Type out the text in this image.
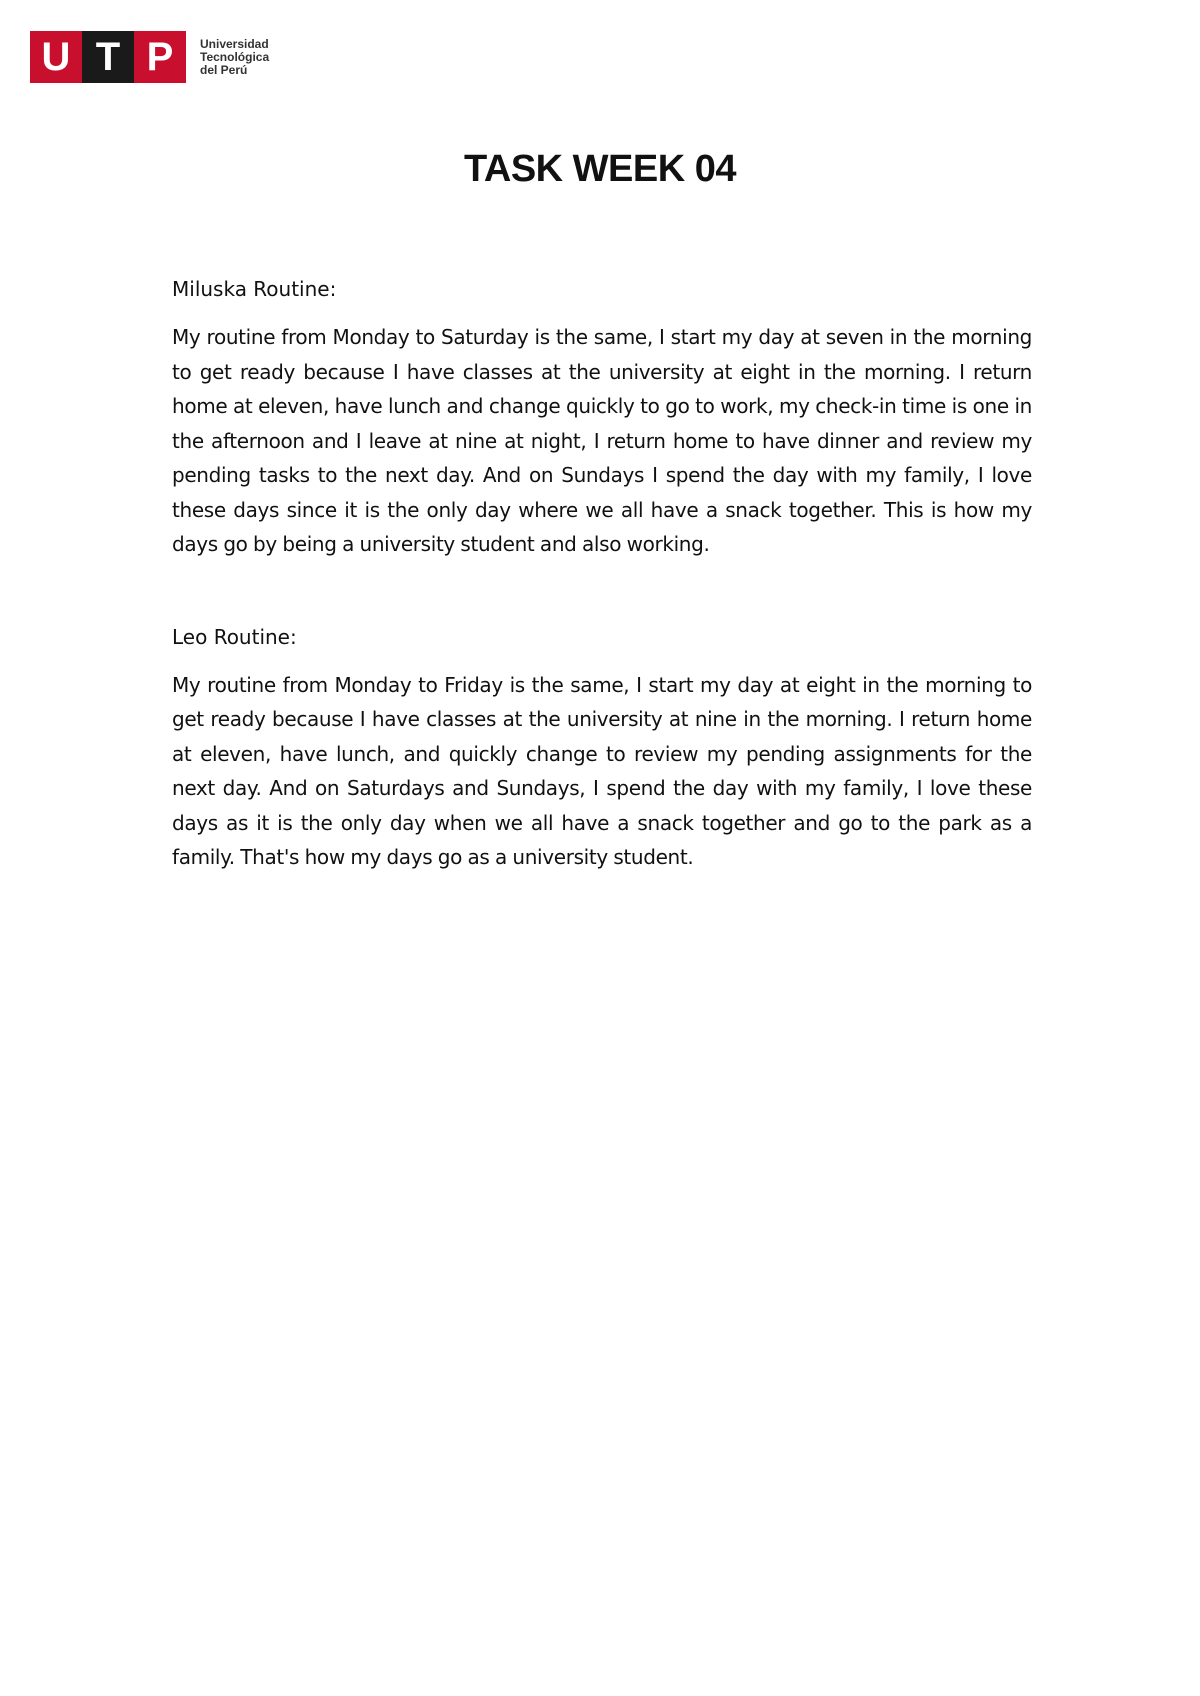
U T P	Universidad
Tecnológica
del Perú
TASK WEEK 04

Miluska Routine:

My routine from Monday to Saturday is the same, I start my day at seven in the morning to get ready because I have classes at the university at eight in the morning. I return home at eleven, have lunch and change quickly to go to work, my check-in time is one in the afternoon and I leave at nine at night, I return home to have dinner and review my pending tasks to the next day. And on Sundays I spend the day with my family, I love these days since it is the only day where we all have a snack together. This is how my days go by being a university student and also working.

Leo Routine:

My routine from Monday to Friday is the same, I start my day at eight in the morning to get ready because I have classes at the university at nine in the morning. I return home at eleven, have lunch, and quickly change to review my pending assignments for the next day. And on Saturdays and Sundays, I spend the day with my family, I love these days as it is the only day when we all have a snack together and go to the park as a family. That's how my days go as a university student.
